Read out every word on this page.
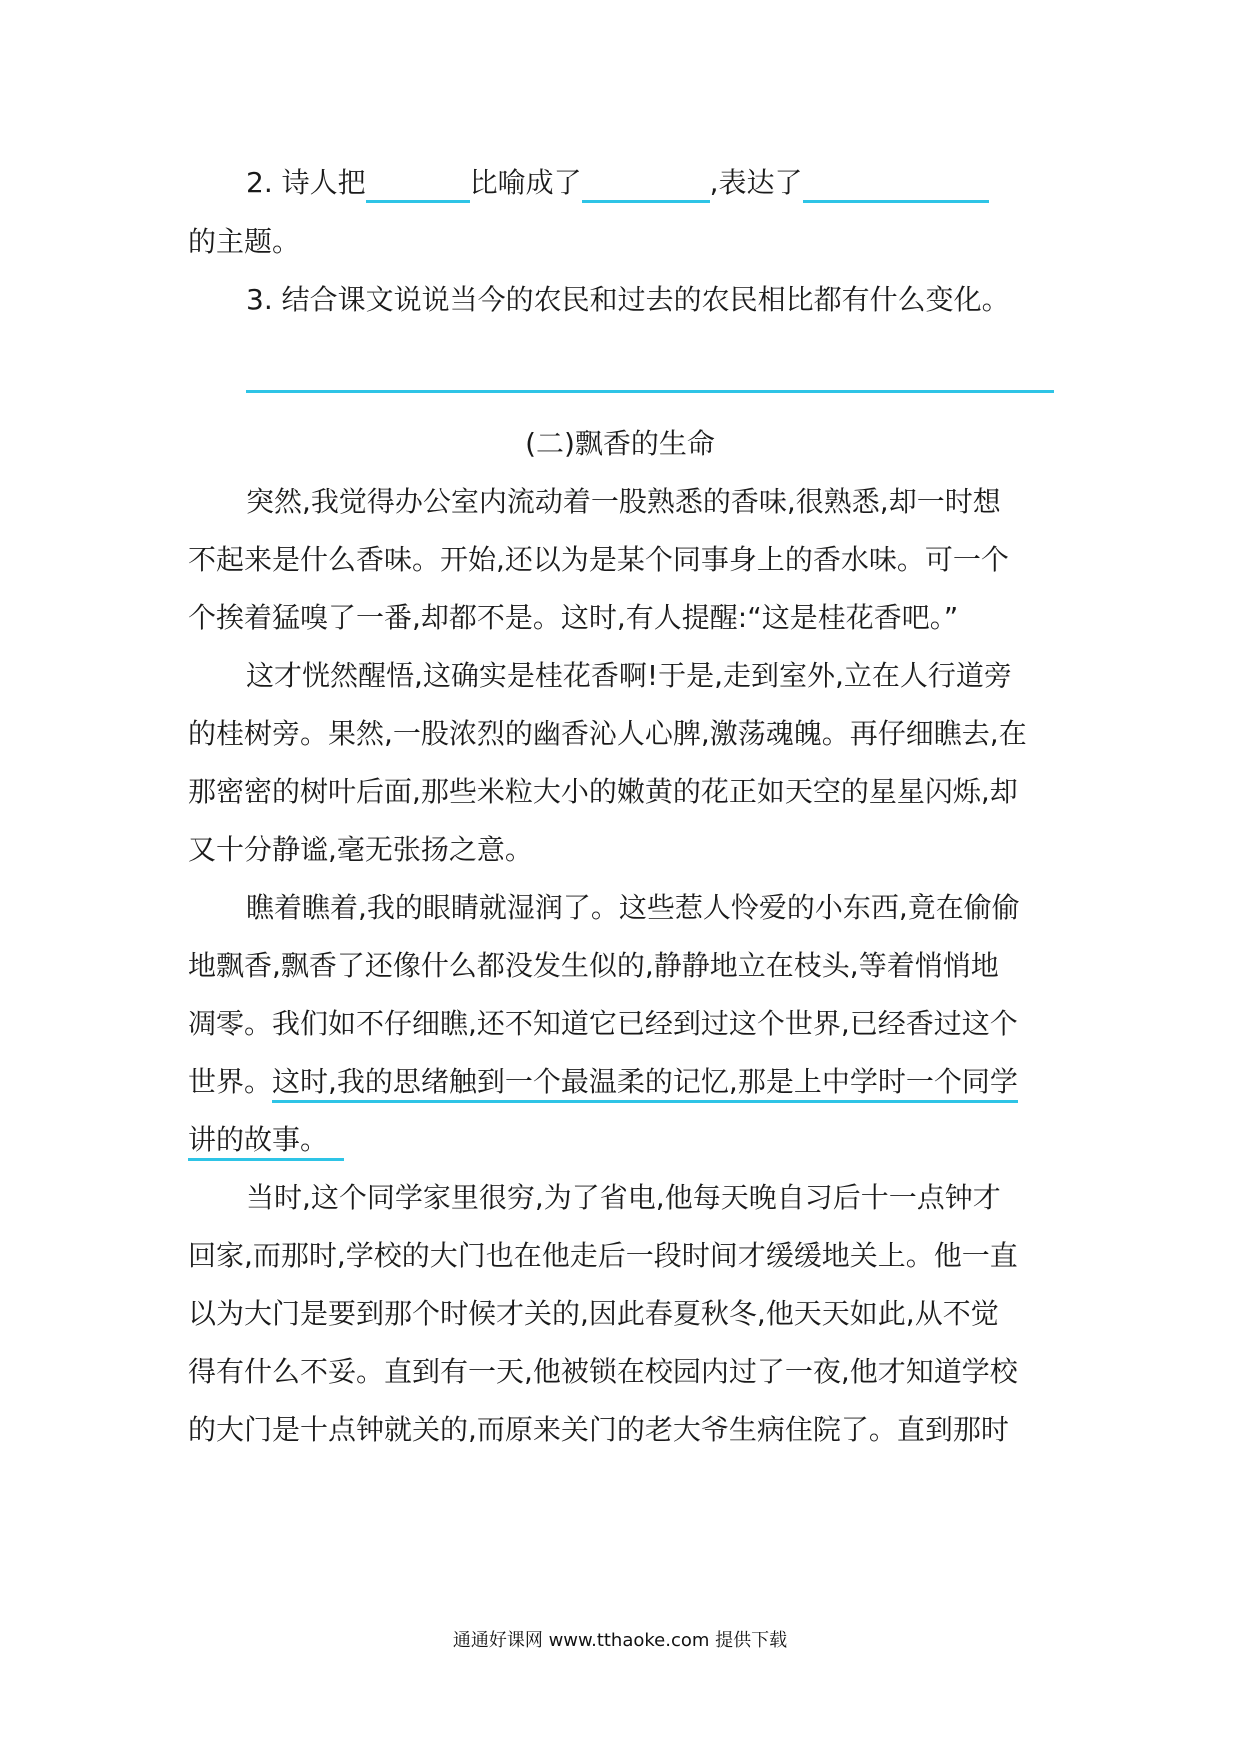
2. 诗人把	比喻成了	,表达了
的主题。
3. 结合课文说说当今的农民和过去的农民相比都有什么变化。
(二)飘香的生命
突然,我觉得办公室内流动着一股熟悉的香味,很熟悉,却一时想
不起来是什么香味。开始,还以为是某个同事身上的香水味。可一个
个挨着猛嗅了一番,却都不是。这时,有人提醒:“这是桂花香吧。”
这才恍然醒悟,这确实是桂花香啊!于是,走到室外,立在人行道旁
的桂树旁。果然,一股浓烈的幽香沁人心脾,激荡魂魄。再仔细瞧去,在
那密密的树叶后面,那些米粒大小的嫩黄的花正如天空的星星闪烁,却
又十分静谧,毫无张扬之意。
瞧着瞧着,我的眼睛就湿润了。这些惹人怜爱的小东西,竟在偷偷
地飘香,飘香了还像什么都没发生似的,静静地立在枝头,等着悄悄地
凋零。我们如不仔细瞧,还不知道它已经到过这个世界,已经香过这个
世界。这时,我的思绪触到一个最温柔的记忆,那是上中学时一个同学
讲的故事。
当时,这个同学家里很穷,为了省电,他每天晚自习后十一点钟才
回家,而那时,学校的大门也在他走后一段时间才缓缓地关上。他一直
以为大门是要到那个时候才关的,因此春夏秋冬,他天天如此,从不觉
得有什么不妥。直到有一天,他被锁在校园内过了一夜,他才知道学校
的大门是十点钟就关的,而原来关门的老大爷生病住院了。直到那时
通通好课网 www.tthaoke.com 提供下载
